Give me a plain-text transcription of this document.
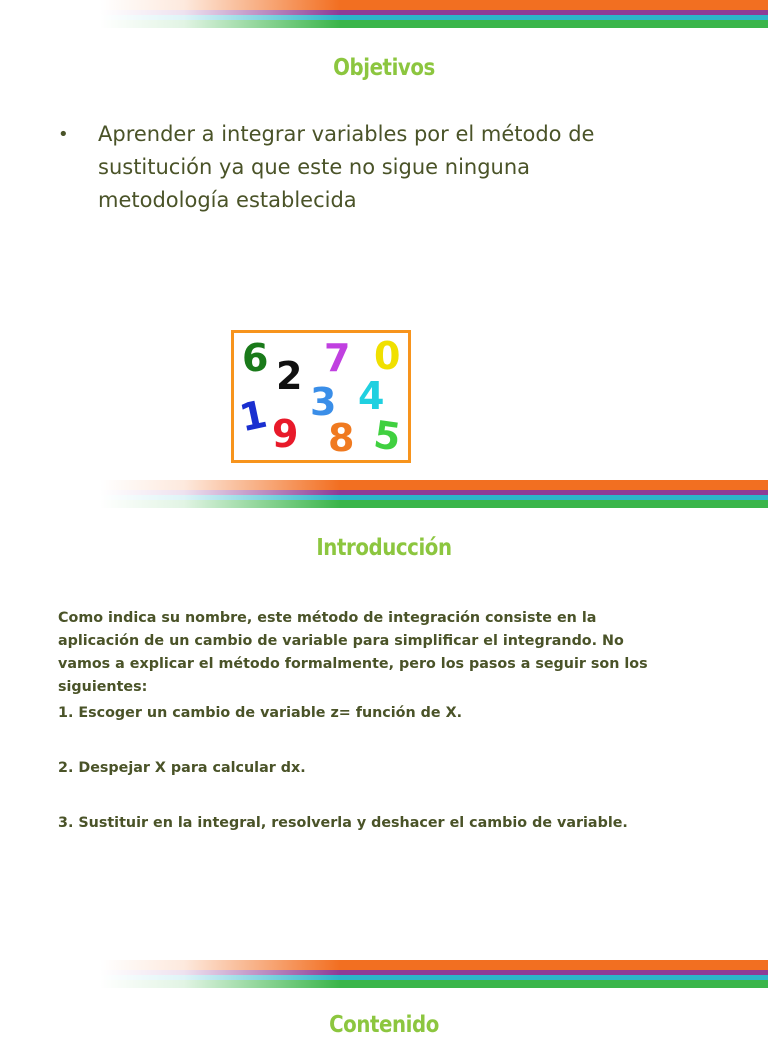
Objetivos
• Aprender a integrar variables por el método de sustitución ya que este no sigue ninguna metodología establecida
6 2 7 0
1 3 4
9 8 5
Introducción

Como indica su nombre, este método de integración consiste en la aplicación de un cambio de variable para simplificar el integrando. No vamos a explicar el método formalmente, pero los pasos a seguir son los siguientes:

1. Escoger un cambio de variable z= función de X.

2. Despejar X para calcular dx.

3. Sustituir en la integral, resolverla y deshacer el cambio de variable.

Contenido
